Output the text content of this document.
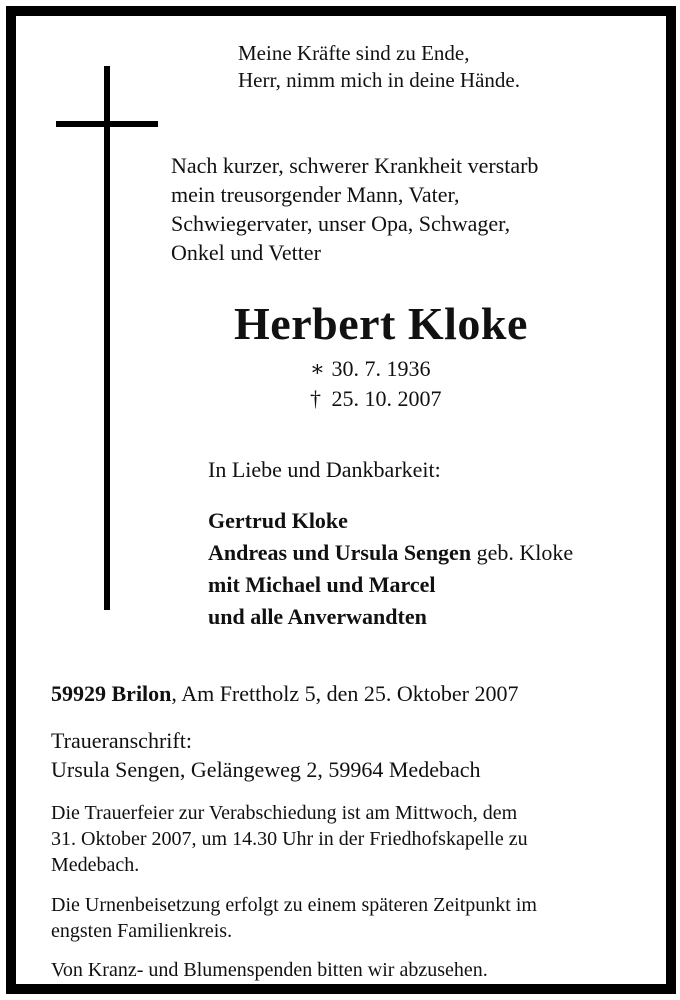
Meine Kräfte sind zu Ende,
Herr, nimm mich in deine Hände.
Nach kurzer, schwerer Krankheit verstarb
mein treusorgender Mann, Vater,
Schwiegervater, unser Opa, Schwager,
Onkel und Vetter
Herbert Kloke
∗ 30. 7. 1936
† 25. 10. 2007
In Liebe und Dankbarkeit:
Gertrud Kloke
Andreas und Ursula Sengen geb. Kloke
mit Michael und Marcel
und alle Anverwandten
59929 Brilon, Am Frettholz 5, den 25. Oktober 2007
Traueranschrift:
Ursula Sengen, Gelängeweg 2, 59964 Medebach
Die Trauerfeier zur Verabschiedung ist am Mittwoch, dem
31. Oktober 2007, um 14.30 Uhr in der Friedhofskapelle zu
Medebach.
Die Urnenbeisetzung erfolgt zu einem späteren Zeitpunkt im
engsten Familienkreis.
Von Kranz- und Blumenspenden bitten wir abzusehen.
